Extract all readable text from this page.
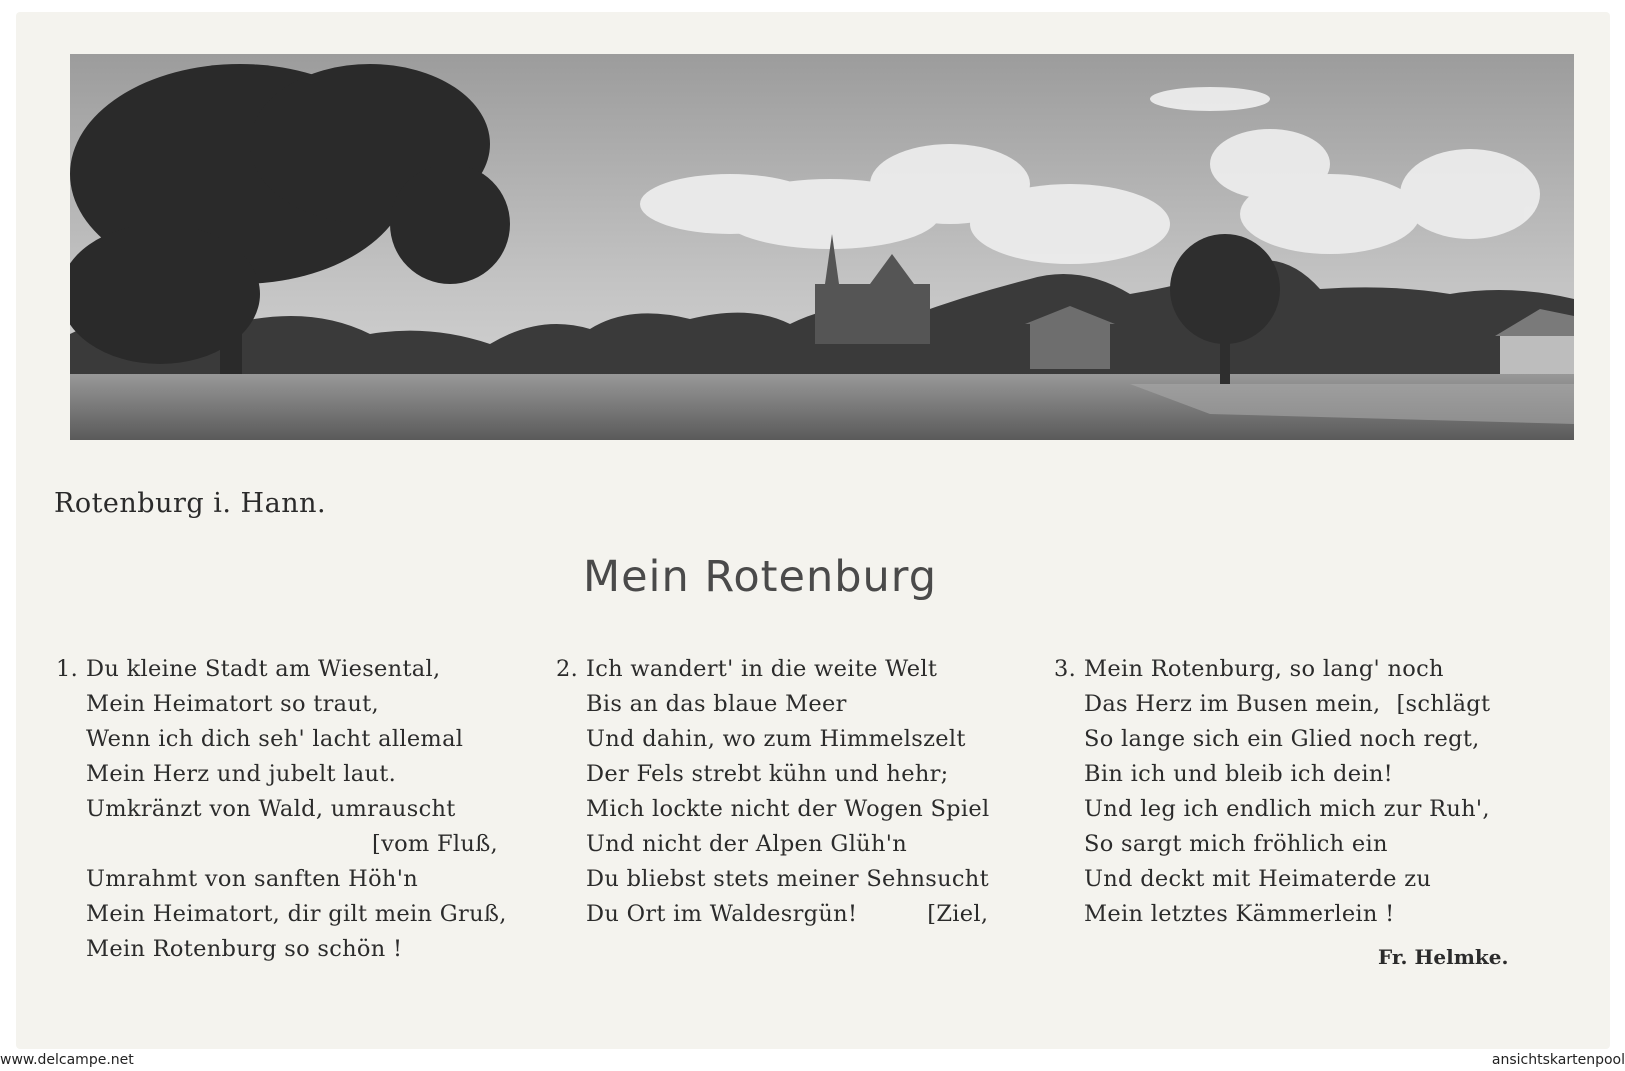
Rotenburg i. Hann.
Mein Rotenburg
1. Du kleine Stadt am Wiesental,
Mein Heimatort so traut,
Wenn ich dich seh' lacht allemal
Mein Herz und jubelt laut.
Umkränzt von Wald, umrauscht
[vom Fluß,
Umrahmt von sanften Höh'n
Mein Heimatort, dir gilt mein Gruß,
Mein Rotenburg so schön !
2. Ich wandert' in die weite Welt
Bis an das blaue Meer
Und dahin, wo zum Himmelszelt
Der Fels strebt kühn und hehr;
Mich lockte nicht der Wogen Spiel
Und nicht der Alpen Glüh'n
Du bliebst stets meiner Sehnsucht
Du Ort im Waldesrgün!	[Ziel,
3. Mein Rotenburg, so lang' noch
Das Herz im Busen mein, [schlägt
So lange sich ein Glied noch regt,
Bin ich und bleib ich dein!
Und leg ich endlich mich zur Ruh',
So sargt mich fröhlich ein
Und deckt mit Heimaterde zu
Mein letztes Kämmerlein !
Fr. Helmke.
www.delcampe.net	ansichtskartenpool
